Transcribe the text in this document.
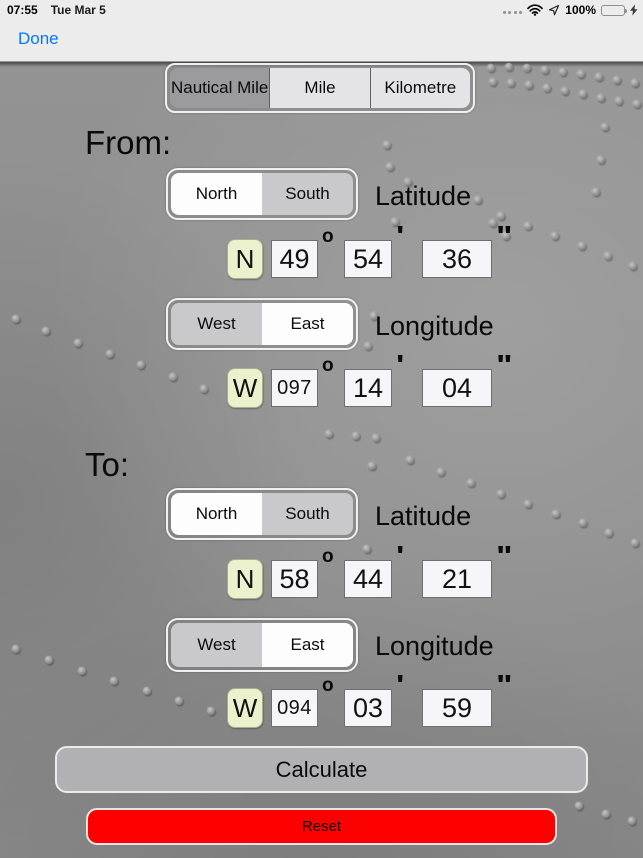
07:55 Tue Mar 5	100%
Done
Nautical Mile	Mile	Kilometre
From:
North	South	Latitude
N 49
o
54
'
36
"
West	East	Longitude
W 097
o
14
'
04
"
To:
North	South	Latitude
N 58
o
44
'
21
"
West	East	Longitude
W 094
o
03
'
59
"
Calculate
Reset
